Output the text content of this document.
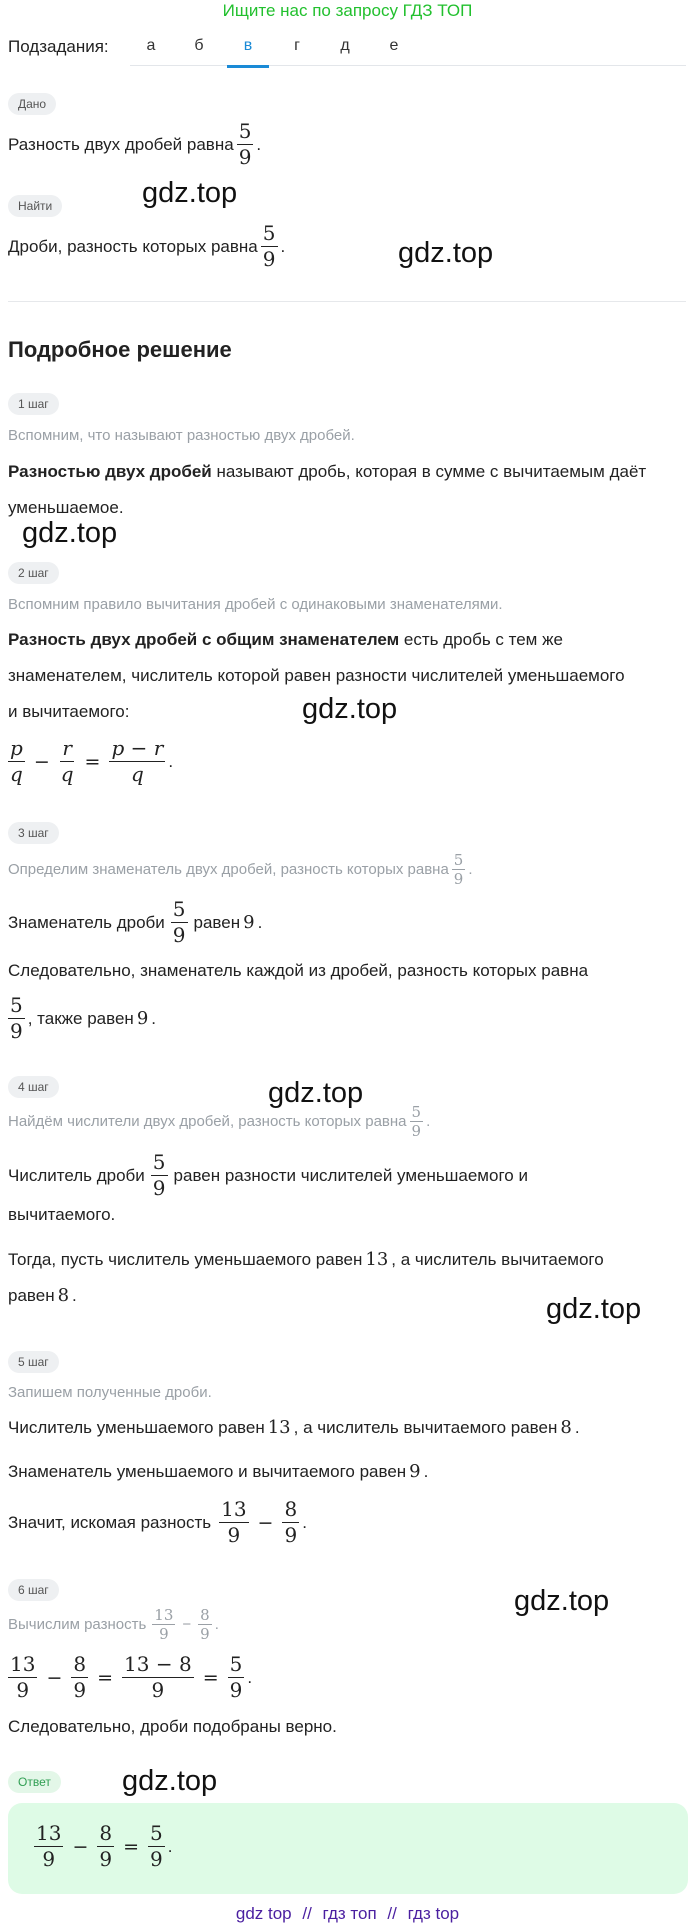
Ищите нас по запросу ГДЗ ТОП
Подзадания:	а	б	в	г	д	е
Дано
Разность двух дробей равна $\frac{5}{9}$ .
Найти
Дроби, разность которых равна $\frac{5}{9}$ .
Подробное решение
1 шаг
Вспомним, что называют разностью двух дробей.
Разностью двух дробей называют дробь, которая в сумме с вычитаемым даёт
уменьшаемое.
2 шаг
Вспомним правило вычитания дробей с одинаковыми знаменателями.
Разность двух дробей с общим знаменателем есть дробь с тем же
знаменателем, числитель которой равен разности числителей уменьшаемого
и вычитаемого:
$\frac{p}{q} - \frac{r}{q} = \frac{p - r}{q}$ .
3 шаг
Определим знаменатель двух дробей, разность которых равна $\frac{5}{9}$ .
Знаменатель дроби $\frac{5}{9}$ равен 9 .
Следовательно, знаменатель каждой из дробей, разность которых равна
$\frac{5}{9}$ , также равен 9 .
4 шаг
Найдём числители двух дробей, разность которых равна $\frac{5}{9}$ .
Числитель дроби $\frac{5}{9}$ равен разности числителей уменьшаемого и
вычитаемого.
Тогда, пусть числитель уменьшаемого равен 13 , а числитель вычитаемого
равен 8 .
5 шаг
Запишем полученные дроби.
Числитель уменьшаемого равен 13 , а числитель вычитаемого равен 8 .
Знаменатель уменьшаемого и вычитаемого равен 9 .
Значит, искомая разность $\frac{13}{9} - \frac{8}{9}$ .
6 шаг
Вычислим разность $\frac{13}{9} - \frac{8}{9}$ .
$\frac{13}{9} - \frac{8}{9} = \frac{13 - 8}{9} = \frac{5}{9}$ .
Следовательно, дроби подобраны верно.
Ответ
$\frac{13}{9} - \frac{8}{9} = \frac{5}{9}$ .
gdz.top
gdz.top
gdz.top
gdz.top
gdz.top
gdz.top
gdz.top
gdz.top
gdz top // гдз топ // гдз top
